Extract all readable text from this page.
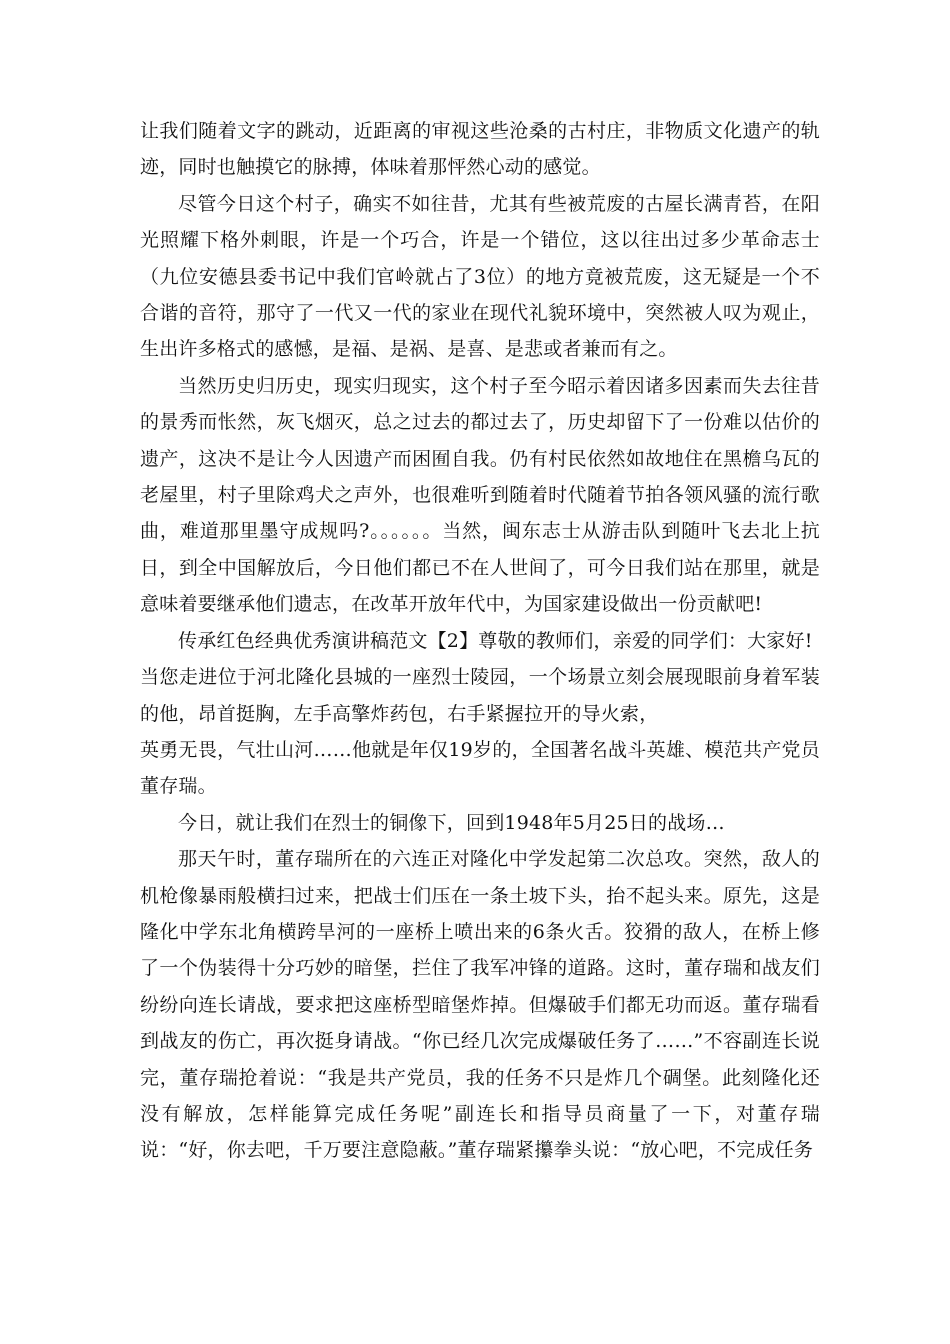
让我们随着文字的跳动，近距离的审视这些沧桑的古村庄，非物质文化遗产的轨迹，同时也触摸它的脉搏，体味着那怦然心动的感觉。

尽管今日这个村子，确实不如往昔，尤其有些被荒废的古屋长满青苔，在阳光照耀下格外刺眼，许是一个巧合，许是一个错位，这以往出过多少革命志士（九位安德县委书记中我们官岭就占了3位）的地方竟被荒废，这无疑是一个不合谐的音符，那守了一代又一代的家业在现代礼貌环境中，突然被人叹为观止，生出许多格式的感憾，是福、是祸、是喜、是悲或者兼而有之。

当然历史归历史，现实归现实，这个村子至今昭示着因诸多因素而失去往昔的景秀而怅然，灰飞烟灭，总之过去的都过去了，历史却留下了一份难以估价的遗产，这决不是让今人因遗产而困囿自我。仍有村民依然如故地住在黑檐乌瓦的老屋里，村子里除鸡犬之声外，也很难听到随着时代随着节拍各领风骚的流行歌曲，难道那里墨守成规吗?。。。。。。当然，闽东志士从游击队到随叶飞去北上抗日，到全中国解放后，今日他们都已不在人世间了，可今日我们站在那里，就是意味着要继承他们遗志，在改革开放年代中，为国家建设做出一份贡献吧!

传承红色经典优秀演讲稿范文【2】尊敬的教师们，亲爱的同学们：大家好!

当您走进位于河北隆化县城的一座烈士陵园，一个场景立刻会展现眼前身着军装的他，昂首挺胸，左手高擎炸药包，右手紧握拉开的导火索，

英勇无畏，气壮山河……他就是年仅19岁的，全国著名战斗英雄、模范共产党员董存瑞。

今日，就让我们在烈士的铜像下，回到1948年5月25日的战场…

那天午时，董存瑞所在的六连正对隆化中学发起第二次总攻。突然，敌人的机枪像暴雨般横扫过来，把战士们压在一条土坡下头，抬不起头来。原先，这是隆化中学东北角横跨旱河的一座桥上喷出来的6条火舌。狡猾的敌人，在桥上修了一个伪装得十分巧妙的暗堡，拦住了我军冲锋的道路。这时，董存瑞和战友们纷纷向连长请战，要求把这座桥型暗堡炸掉。但爆破手们都无功而返。董存瑞看到战友的伤亡，再次挺身请战。“你已经几次完成爆破任务了……”不容副连长说完，董存瑞抢着说：“我是共产党员，我的任务不只是炸几个碉堡。此刻隆化还没有解放，怎样能算完成任务呢”副连长和指导员商量了一下，对董存瑞说：“好，你去吧，千万要注意隐蔽。”董存瑞紧攥拳头说：“放心吧，不完成任务
